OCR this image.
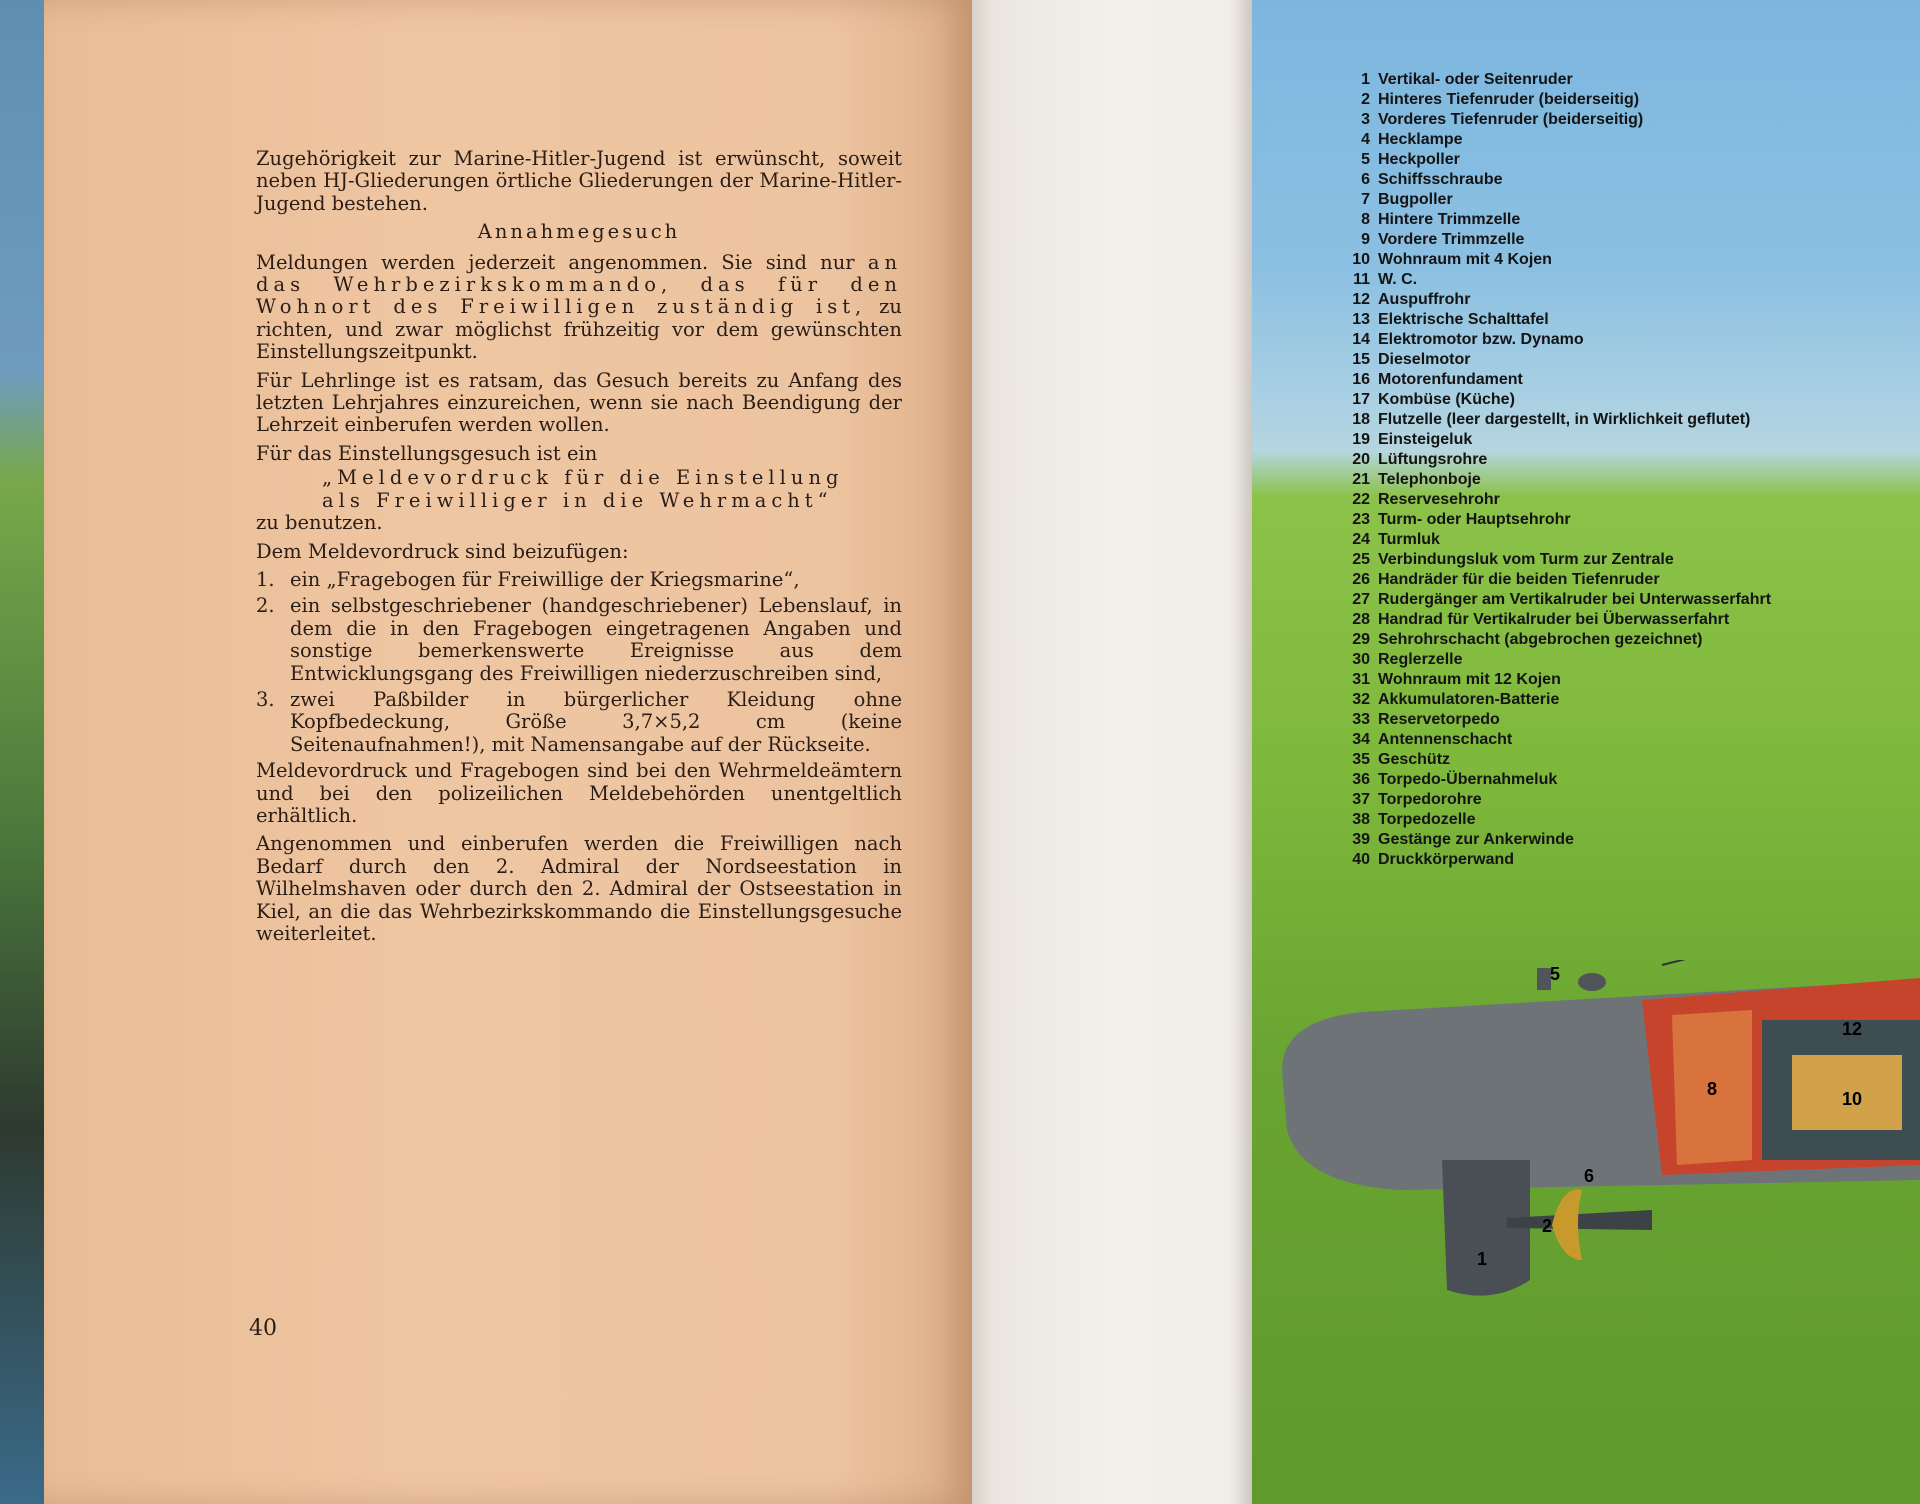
Zugehörigkeit zur Marine-Hitler-Jugend ist erwünscht, soweit neben HJ-Gliederungen örtliche Gliederungen der Marine-Hitler-Jugend bestehen.

Annahmegesuch

Meldungen werden jederzeit angenommen. Sie sind nur an das Wehrbezirkskommando, das für den Wohnort des Freiwilligen zuständig ist, zu richten, und zwar möglichst frühzeitig vor dem gewünschten Einstellungszeitpunkt.

Für Lehrlinge ist es ratsam, das Gesuch bereits zu Anfang des letzten Lehrjahres einzureichen, wenn sie nach Beendigung der Lehrzeit einberufen werden wollen.

Für das Einstellungsgesuch ist ein

„Meldevordruck für die Einstellung

als Freiwilliger in die Wehrmacht“

zu benutzen.

Dem Meldevordruck sind beizufügen:

1. ein „Fragebogen für Freiwillige der Kriegsmarine“,
2. ein selbstgeschriebener (handgeschriebener) Lebenslauf, in dem die in den Fragebogen eingetragenen Angaben und sonstige bemerkenswerte Ereignisse aus dem Entwicklungsgang des Freiwilligen niederzuschreiben sind,
3. zwei Paßbilder in bürgerlicher Kleidung ohne Kopfbedeckung, Größe 3,7×5,2 cm (keine Seitenaufnahmen!), mit Namensangabe auf der Rückseite.

Meldevordruck und Fragebogen sind bei den Wehrmeldeämtern und bei den polizeilichen Meldebehörden unentgeltlich erhältlich.

Angenommen und einberufen werden die Freiwilligen nach Bedarf durch den 2. Admiral der Nordseestation in Wilhelmshaven oder durch den 2. Admiral der Ostseestation in Kiel, an die das Wehrbezirkskommando die Einstellungsgesuche weiterleitet.

40
1 Vertikal- oder Seitenruder
2 Hinteres Tiefenruder (beiderseitig)
3 Vorderes Tiefenruder (beiderseitig)
4 Hecklampe
5 Heckpoller
6 Schiffsschraube
7 Bugpoller
8 Hintere Trimmzelle
9 Vordere Trimmzelle
10 Wohnraum mit 4 Kojen
11 W. C.
12 Auspuffrohr
13 Elektrische Schalttafel
14 Elektromotor bzw. Dynamo
15 Dieselmotor
16 Motorenfundament
17 Kombüse (Küche)
18 Flutzelle (leer dargestellt, in Wirklichkeit geflutet)
19 Einsteigeluk
20 Lüftungsrohre
21 Telephonboje
22 Reservesehrohr
23 Turm- oder Hauptsehrohr
24 Turmluk
25 Verbindungsluk vom Turm zur Zentrale
26 Handräder für die beiden Tiefenruder
27 Rudergänger am Vertikalruder bei Unterwasserfahrt
28 Handrad für Vertikalruder bei Überwasserfahrt
29 Sehrohrschacht (abgebrochen gezeichnet)
30 Reglerzelle
31 Wohnraum mit 12 Kojen
32 Akkumulatoren-Batterie
33 Reservetorpedo
34 Antennenschacht
35 Geschütz
36 Torpedo-Übernahmeluk
37 Torpedorohre
38 Torpedozelle
39 Gestänge zur Ankerwinde
40 Druckkörperwand
1
2
5
6
8	10
12
